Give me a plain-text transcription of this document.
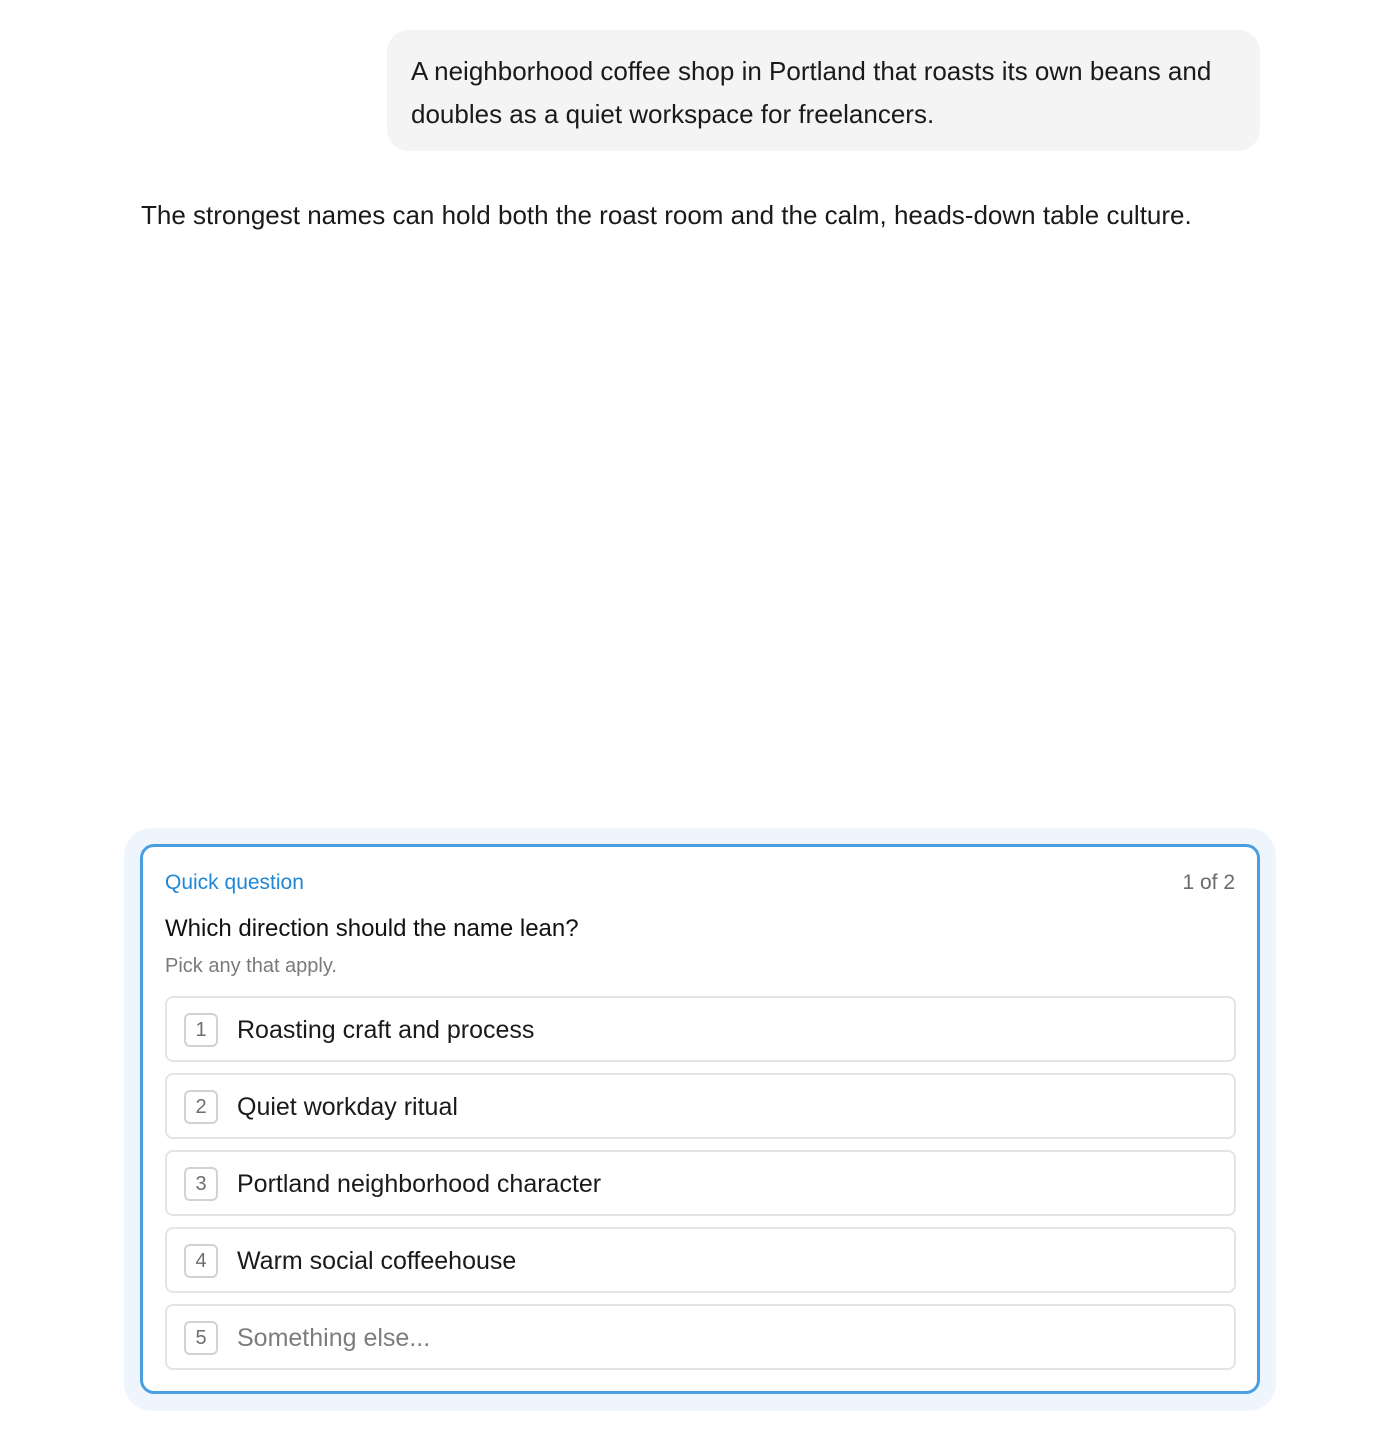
A neighborhood coffee shop in Portland that roasts its own beans and doubles as a quiet workspace for freelancers.
The strongest names can hold both the roast room and the calm, heads-down table culture.
Quick question	1 of 2
Which direction should the name lean?
Pick any that apply.
1	Roasting craft and process
2	Quiet workday ritual
3	Portland neighborhood character
4	Warm social coffeehouse
5	Something else...
